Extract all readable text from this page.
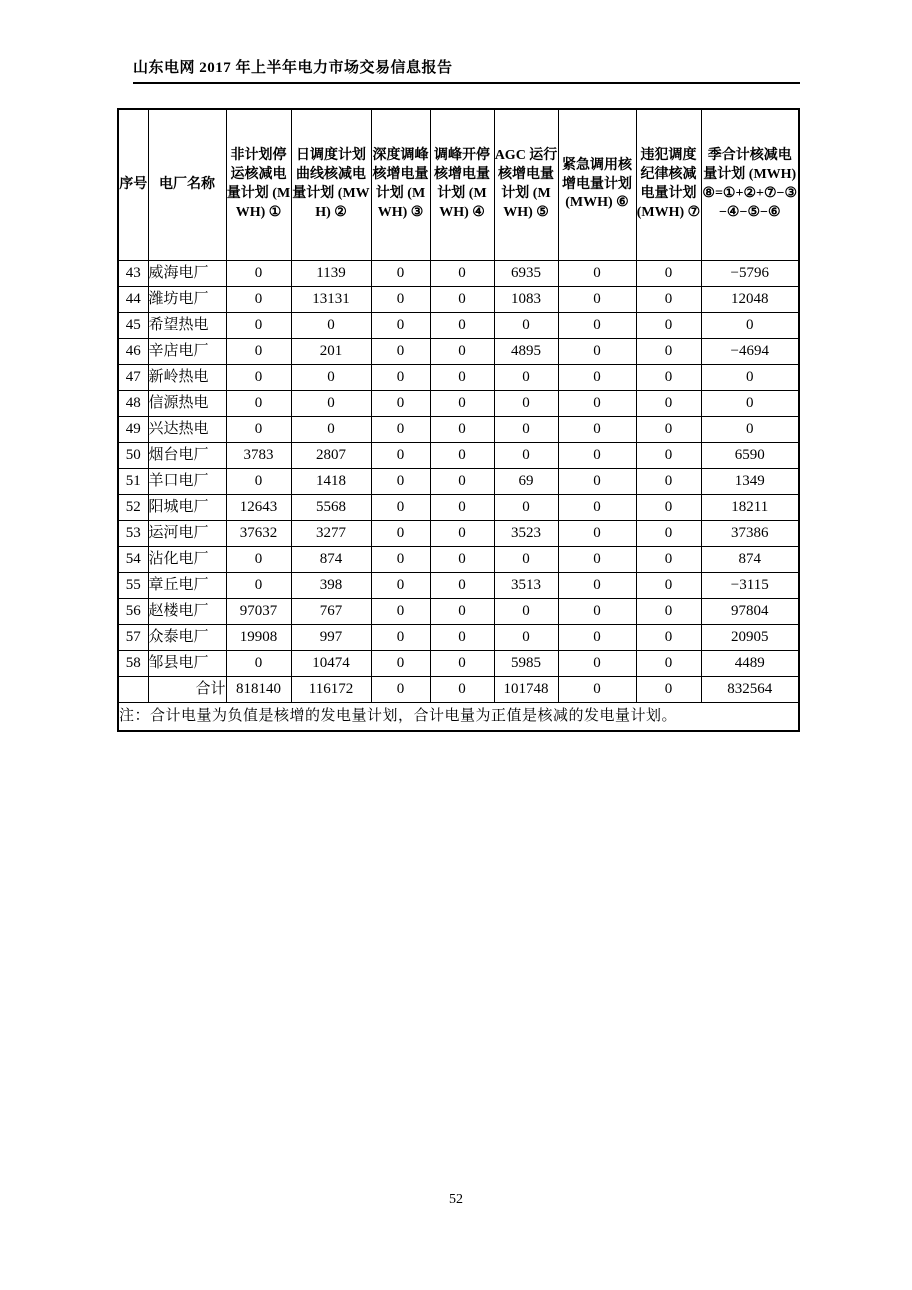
山东电网 2017 年上半年电力市场交易信息报告
序号	电厂名称	非计划停运核减电量计划 (MWH) ①	日调度计划曲线核减电量计划 (MWH) ②	深度调峰核增电量计划 (MWH) ③	调峰开停核增电量计划 (MWH) ④	AGC 运行核增电量计划 (MWH) ⑤	紧急调用核增电量计划 (MWH) ⑥	违犯调度纪律核减电量计划 (MWH) ⑦	季合计核减电量计划 (MWH) ⑧=①+②+⑦−③−④−⑤−⑥
43	威海电厂	0	1139	0	0	6935	0	0	−5796
44	潍坊电厂	0	13131	0	0	1083	0	0	12048
45	希望热电	0	0	0	0	0	0	0	0
46	辛店电厂	0	201	0	0	4895	0	0	−4694
47	新岭热电	0	0	0	0	0	0	0	0
48	信源热电	0	0	0	0	0	0	0	0
49	兴达热电	0	0	0	0	0	0	0	0
50	烟台电厂	3783	2807	0	0	0	0	0	6590
51	羊口电厂	0	1418	0	0	69	0	0	1349
52	阳城电厂	12643	5568	0	0	0	0	0	18211
53	运河电厂	37632	3277	0	0	3523	0	0	37386
54	沾化电厂	0	874	0	0	0	0	0	874
55	章丘电厂	0	398	0	0	3513	0	0	−3115
56	赵楼电厂	97037	767	0	0	0	0	0	97804
57	众泰电厂	19908	997	0	0	0	0	0	20905
58	邹县电厂	0	10474	0	0	5985	0	0	4489
	合计	818140	116172	0	0	101748	0	0	832564
注：合计电量为负值是核增的发电量计划，合计电量为正值是核减的发电量计划。									
52
